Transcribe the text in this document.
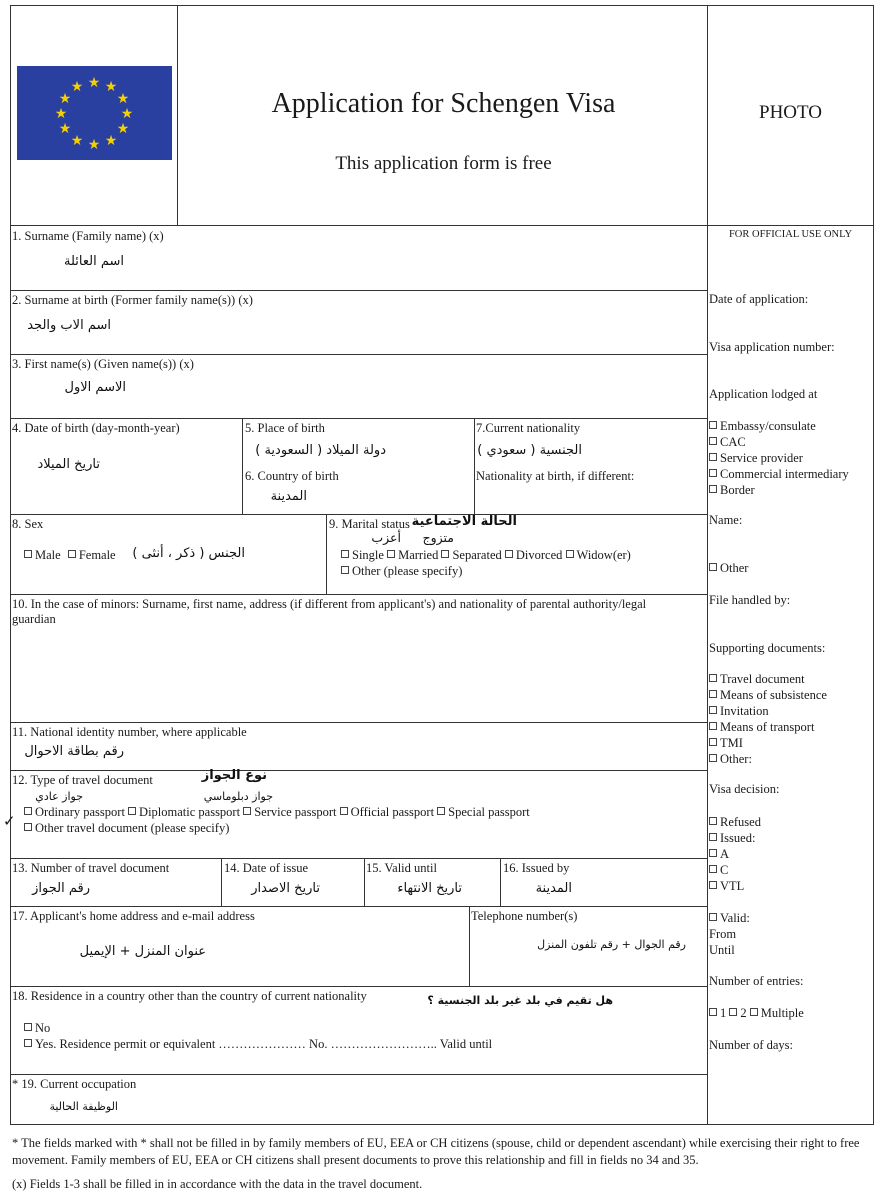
★ ★
★
★
★
★
★
★
★
★
★
★
Application for Schengen Visa
This application form is free
PHOTO
1. Surname (Family name) (x)
اسم العائلة
2. Surname at birth (Former family name(s)) (x)
اسم الاب والجد
3. First name(s) (Given name(s)) (x)
الاسم الاول
4. Date of birth (day-month-year)
تاريخ الميلاد
5. Place of birth
دولة الميلاد ( السعودية )
6. Country of birth
المدينة
7.Current nationality
الجنسية ( سعودي )
Nationality at birth, if different:
8. Sex
Male Female الجنس ( ذكر ، أنثى )
9. Marital status الحالة الاجتماعية
متزوج
أعزب
Single Married Separated Divorced Widow(er)
Other (please specify)
10. In the case of minors: Surname, first name, address (if different from applicant's) and nationality of parental authority/legal guardian
11. National identity number, where applicable
رقم بطاقة الاحوال
12. Type of travel document	نوع الجواز
جواز عادي	جواز دبلوماسي
✓	Ordinary passport Diplomatic passport Service passport Official passport Special passport
Other travel document (please specify)
13. Number of travel document
رقم الجواز
14. Date of issue
تاريخ الاصدار
15. Valid until
تاريخ الانتهاء
16. Issued by
المدينة
17. Applicant's home address and e-mail address
عنوان المنزل + الإيميل
Telephone number(s)
رقم الجوال + رقم تلفون المنزل
18. Residence in a country other than the country of current nationality	هل تقيم في بلد غير بلد الجنسية ؟
No
Yes. Residence permit or equivalent ………………… No. …………………….. Valid until
* 19. Current occupation
الوظيفة الحالية
FOR OFFICIAL USE ONLY
Date of application:
Visa application number:
Application lodged at
Embassy/consulate
CAC
Service provider
Commercial intermediary
Border
Name:
Other
File handled by:
Supporting documents:
Travel document
Means of subsistence
Invitation
Means of transport
TMI
Other:
Visa decision:
Refused
Issued:
A
C
VTL
Valid:
From
Until
Number of entries:
1 2 Multiple
Number of days:
* The fields marked with * shall not be filled in by family members of EU, EEA or CH citizens (spouse, child or dependent ascendant) while exercising their right to free movement. Family members of EU, EEA or CH citizens shall present documents to prove this relationship and fill in fields no 34 and 35.
(x) Fields 1-3 shall be filled in in accordance with the data in the travel document.
